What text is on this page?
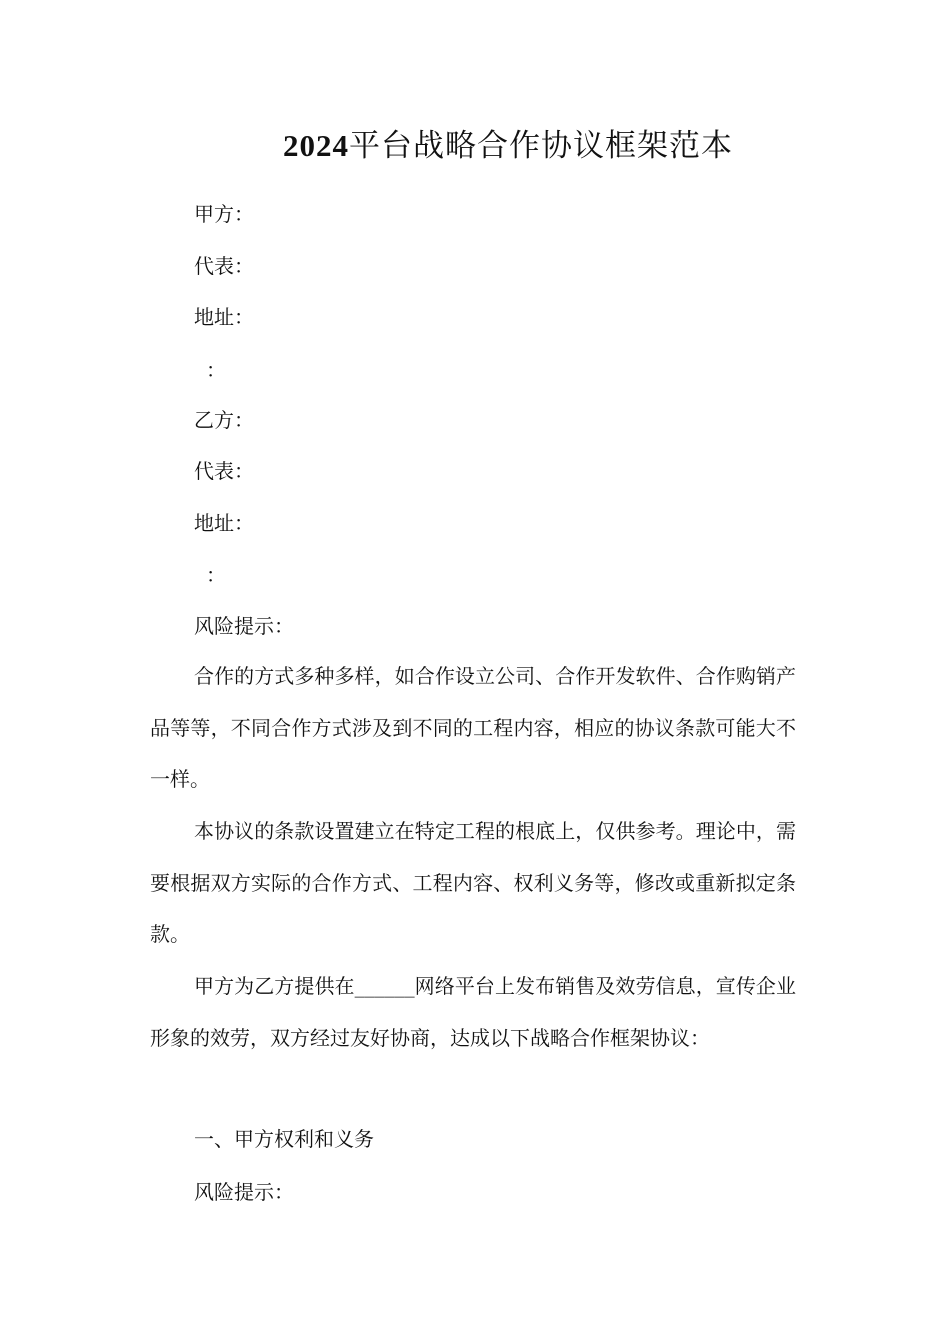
2024平台战略合作协议框架范本
甲方：
代表：
地址：
：
乙方：
代表：
地址：
：
风险提示：
合作的方式多种多样，如合作设立公司、合作开发软件、合作购销产品等等，不同合作方式涉及到不同的工程内容，相应的协议条款可能大不一样。
本协议的条款设置建立在特定工程的根底上，仅供参考。理论中，需要根据双方实际的合作方式、工程内容、权利义务等，修改或重新拟定条款。
甲方为乙方提供在______网络平台上发布销售及效劳信息，宣传企业形象的效劳，双方经过友好协商，达成以下战略合作框架协议：
一、甲方权利和义务
风险提示：
